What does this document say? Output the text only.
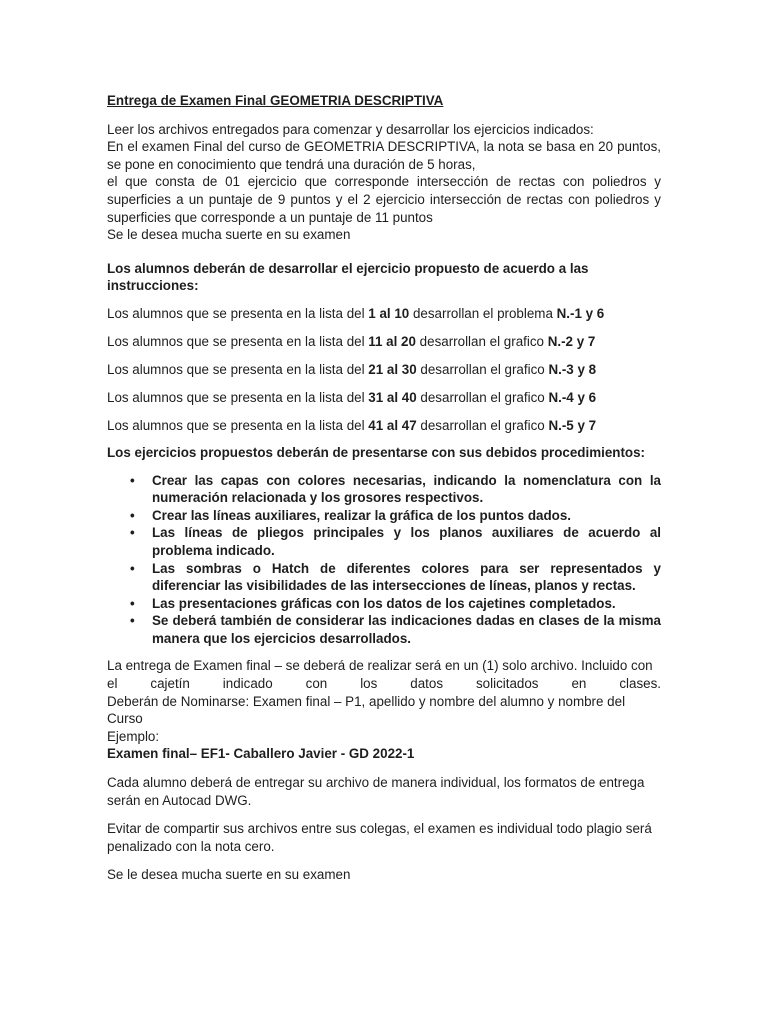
Entrega de Examen Final GEOMETRIA DESCRIPTIVA

Leer los archivos entregados para comenzar y desarrollar los ejercicios indicados:

En el examen Final del curso de GEOMETRIA DESCRIPTIVA, la nota se basa en 20 puntos, se pone en conocimiento que tendrá una duración de 5 horas,

el que consta de 01 ejercicio que corresponde intersección de rectas con poliedros y superficies a un puntaje de 9 puntos y el 2 ejercicio intersección de rectas con poliedros y superficies que corresponde a un puntaje de 11 puntos

Se le desea mucha suerte en su examen

Los alumnos deberán de desarrollar el ejercicio propuesto de acuerdo a las instrucciones:

Los alumnos que se presenta en la lista del 1 al 10 desarrollan el problema N.-1 y 6

Los alumnos que se presenta en la lista del 11 al 20 desarrollan el grafico N.-2 y 7

Los alumnos que se presenta en la lista del 21 al 30 desarrollan el grafico N.-3 y 8

Los alumnos que se presenta en la lista del 31 al 40 desarrollan el grafico N.-4 y 6

Los alumnos que se presenta en la lista del 41 al 47 desarrollan el grafico N.-5 y 7

Los ejercicios propuestos deberán de presentarse con sus debidos procedimientos:

• Crear las capas con colores necesarias, indicando la nomenclatura con la numeración relacionada y los grosores respectivos.
• Crear las líneas auxiliares, realizar la gráfica de los puntos dados.
• Las líneas de pliegos principales y los planos auxiliares de acuerdo al problema indicado.
• Las sombras o Hatch de diferentes colores para ser representados y diferenciar las visibilidades de las intersecciones de líneas, planos y rectas.
• Las presentaciones gráficas con los datos de los cajetines completados.
• Se deberá también de considerar las indicaciones dadas en clases de la misma manera que los ejercicios desarrollados.

La entrega de Examen final – se deberá de realizar será en un (1) solo archivo. Incluido con

el cajetín indicado con los datos solicitados en clases.

Deberán de Nominarse: Examen final – P1, apellido y nombre del alumno y nombre del Curso

Ejemplo:

Examen final– EF1- Caballero Javier - GD 2022-1

Cada alumno deberá de entregar su archivo de manera individual, los formatos de entrega serán en Autocad DWG.

Evitar de compartir sus archivos entre sus colegas, el examen es individual todo plagio será penalizado con la nota cero.

Se le desea mucha suerte en su examen
